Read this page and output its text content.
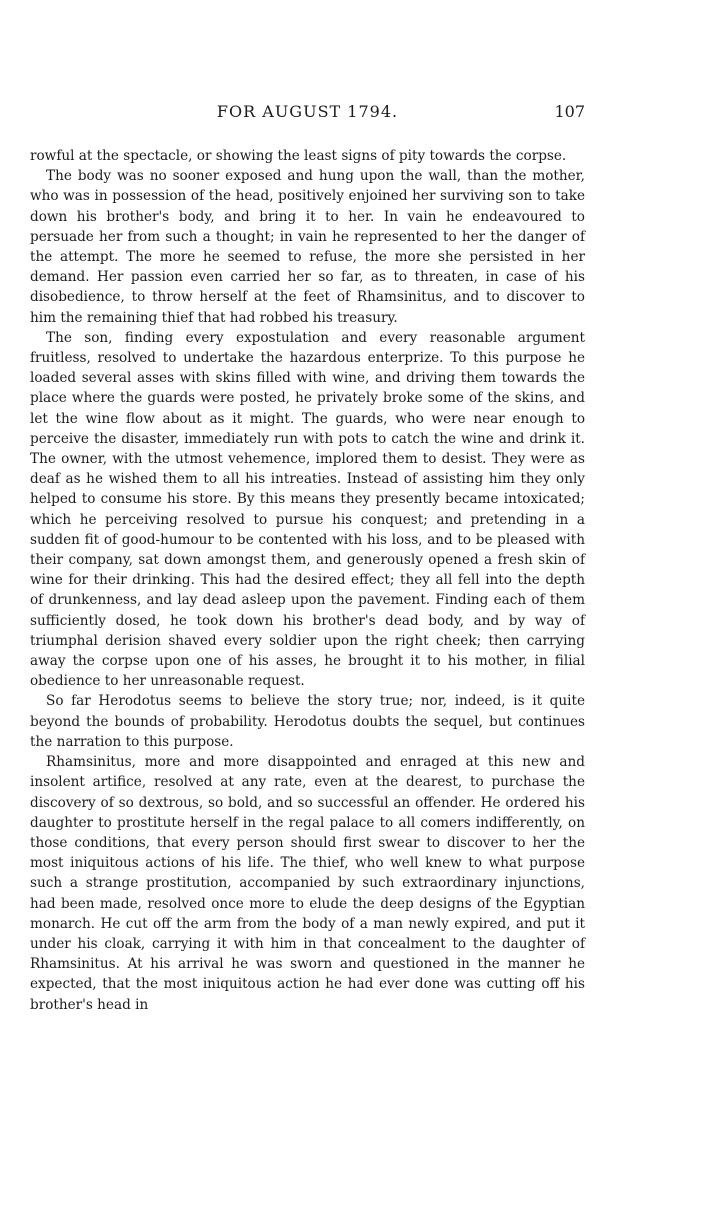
FOR AUGUST 1794.	107

rowful at the spectacle, or showing the least signs of pity towards the corpse.

The body was no sooner exposed and hung upon the wall, than the mother, who was in possession of the head, positively enjoined her surviving son to take down his brother's body, and bring it to her. In vain he endeavoured to persuade her from such a thought; in vain he represented to her the danger of the attempt. The more he seemed to refuse, the more she persisted in her demand. Her passion even carried her so far, as to threaten, in case of his disobedience, to throw herself at the feet of Rhamsinitus, and to discover to him the remaining thief that had robbed his treasury.

The son, finding every expostulation and every reasonable argument fruitless, resolved to undertake the hazardous enterprize. To this purpose he loaded several asses with skins filled with wine, and driving them towards the place where the guards were posted, he privately broke some of the skins, and let the wine flow about as it might. The guards, who were near enough to perceive the disaster, immediately run with pots to catch the wine and drink it. The owner, with the utmost vehemence, implored them to desist. They were as deaf as he wished them to all his intreaties. Instead of assisting him they only helped to consume his store. By this means they presently became intoxicated; which he perceiving resolved to pursue his conquest; and pretending in a sudden fit of good-humour to be contented with his loss, and to be pleased with their company, sat down amongst them, and generously opened a fresh skin of wine for their drinking. This had the desired effect; they all fell into the depth of drunkenness, and lay dead asleep upon the pavement. Finding each of them sufficiently dosed, he took down his brother's dead body, and by way of triumphal derision shaved every soldier upon the right cheek; then carrying away the corpse upon one of his asses, he brought it to his mother, in filial obedience to her unreasonable request.

So far Herodotus seems to believe the story true; nor, indeed, is it quite beyond the bounds of probability. Herodotus doubts the sequel, but continues the narration to this purpose.

Rhamsinitus, more and more disappointed and enraged at this new and insolent artifice, resolved at any rate, even at the dearest, to purchase the discovery of so dextrous, so bold, and so successful an offender. He ordered his daughter to prostitute herself in the regal palace to all comers indifferently, on those conditions, that every person should first swear to discover to her the most iniquitous actions of his life. The thief, who well knew to what purpose such a strange prostitution, accompanied by such extraordinary injunctions, had been made, resolved once more to elude the deep designs of the Egyptian monarch. He cut off the arm from the body of a man newly expired, and put it under his cloak, carrying it with him in that concealment to the daughter of Rhamsinitus. At his arrival he was sworn and questioned in the manner he expected, that the most iniquitous action he had ever done was cutting off his brother's head in
